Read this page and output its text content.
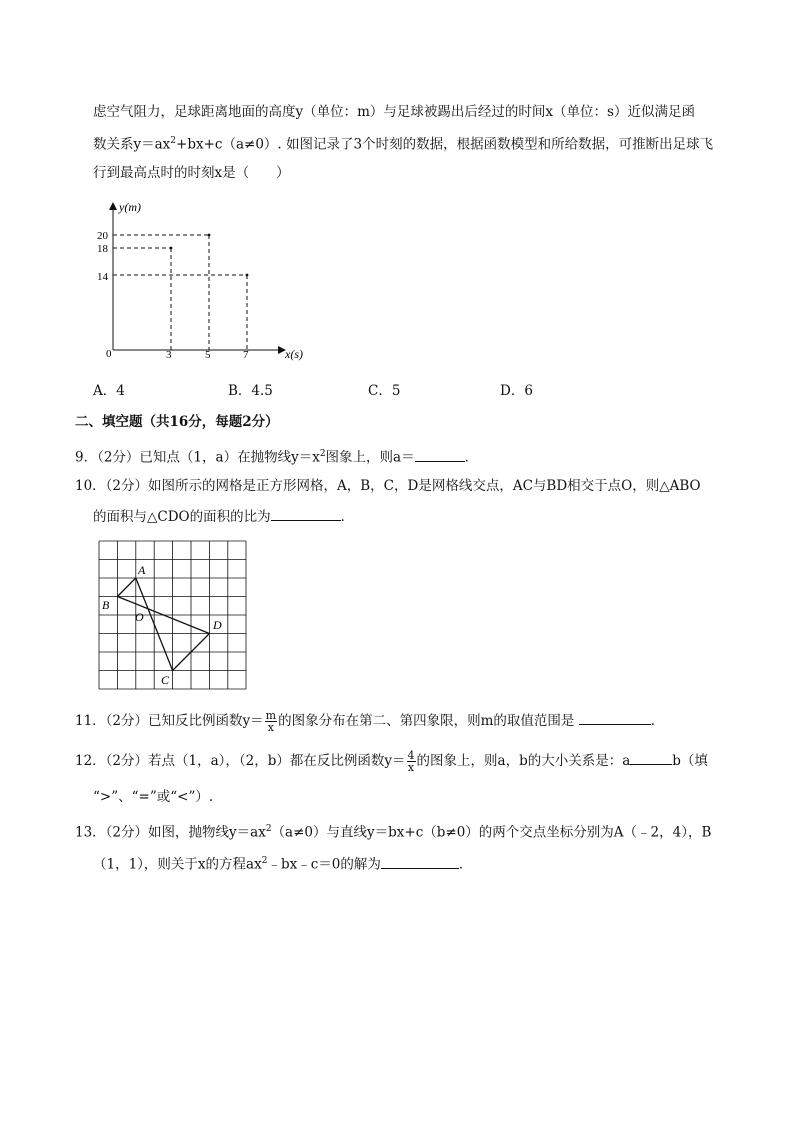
虑空气阻力，足球距离地面的高度y（单位：m）与足球被踢出后经过的时间x（单位：s）近似满足函
数关系$y=ax^2+bx+c(a\ne 0)$. 如图记录了3个时刻的数据，根据函数模型和所给数据，可推断出足球飞
行到最高点时的时刻x是（　　）
y(m)
x(s)
0
20
18
14
3	5	7
A．4	B．4.5	C．5	D．6
二、填空题（共16分，每题2分）
9．（2分）已知点（1，a）在抛物线$y=x^2$图象上，则a＝	．
10．（2分）如图所示的网格是正方形网格，A，B，C，D是网格线交点，AC与BD相交于点O，则△ABO
的面积与△CDO的面积的比为	．
A
B
O
D
C
11．（2分）已知反比例函数$y= \frac{m}{x}$ 的图象分布在第二、第四象限，则m的取值范围是	．
12．（2分）若点（1，a），（2，b）都在反比例函数$y= \frac{4}{x}$ 的图象上，则a，b的大小关系是：a	b（填
“>”、“=”或“<”）.
13．（2分）如图，抛物线$y=ax^2(a\ne 0)$与直线y＝bx+c（b≠0）的两个交点坐标分别为A（﹣2，4），B
（1，1），则关于x的方程$ax^2﹣bx﹣c=0$的解为	．
